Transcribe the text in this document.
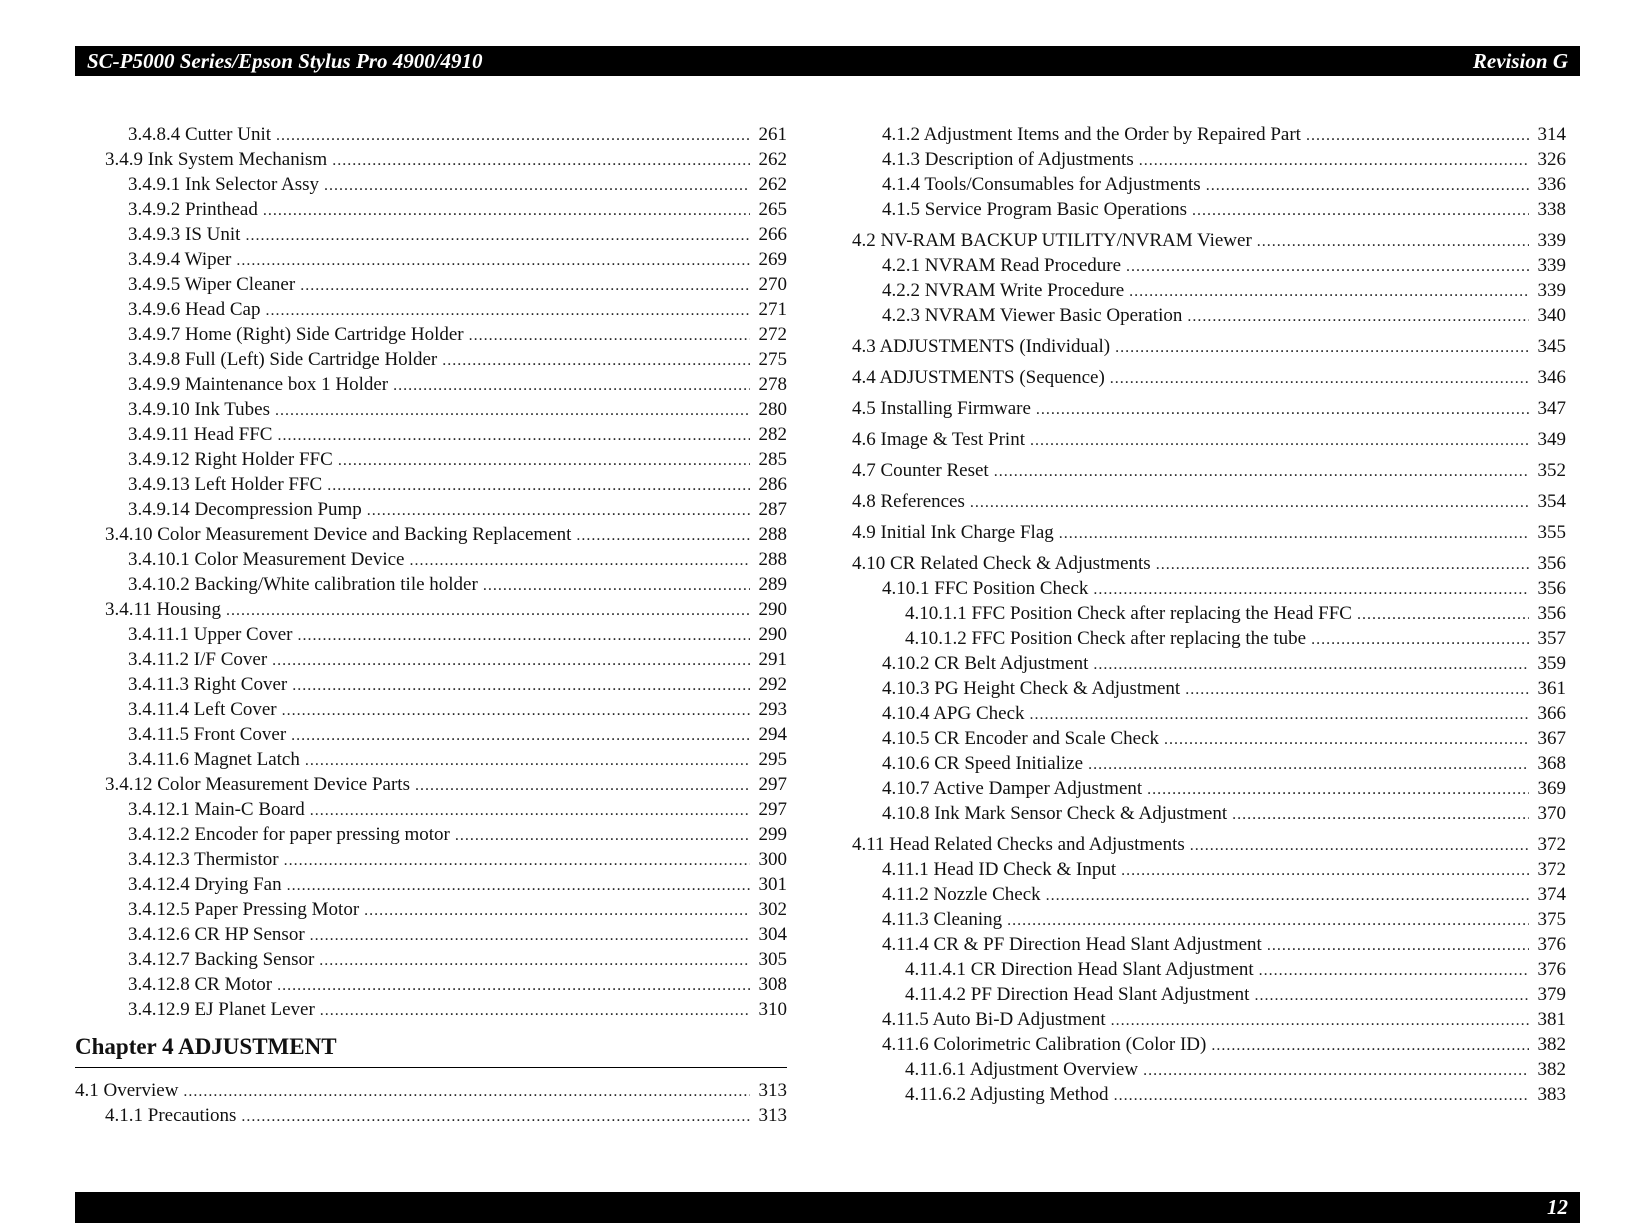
SC-P5000 Series/Epson Stylus Pro 4900/4910	Revision G
3.4.8.4 Cutter Unit .....	261
3.4.9 Ink System Mechanism .....	262
3.4.9.1 Ink Selector Assy .....	262
3.4.9.2 Printhead .....	265
3.4.9.3 IS Unit .....	266
3.4.9.4 Wiper .....	269
3.4.9.5 Wiper Cleaner .....	270
3.4.9.6 Head Cap .....	271
3.4.9.7 Home (Right) Side Cartridge Holder .....	272
3.4.9.8 Full (Left) Side Cartridge Holder .....	275
3.4.9.9 Maintenance box 1 Holder .....	278
3.4.9.10 Ink Tubes .....	280
3.4.9.11 Head FFC .....	282
3.4.9.12 Right Holder FFC .....	285
3.4.9.13 Left Holder FFC .....	286
3.4.9.14 Decompression Pump .....	287
3.4.10 Color Measurement Device and Backing Replacement .....	288
3.4.10.1 Color Measurement Device .....	288
3.4.10.2 Backing/White calibration tile holder .....	289
3.4.11 Housing .....	290
3.4.11.1 Upper Cover .....	290
3.4.11.2 I/F Cover .....	291
3.4.11.3 Right Cover .....	292
3.4.11.4 Left Cover .....	293
3.4.11.5 Front Cover .....	294
3.4.11.6 Magnet Latch .....	295
3.4.12 Color Measurement Device Parts .....	297
3.4.12.1 Main-C Board .....	297
3.4.12.2 Encoder for paper pressing motor .....	299
3.4.12.3 Thermistor .....	300
3.4.12.4 Drying Fan .....	301
3.4.12.5 Paper Pressing Motor .....	302
3.4.12.6 CR HP Sensor .....	304
3.4.12.7 Backing Sensor .....	305
3.4.12.8 CR Motor .....	308
3.4.12.9 EJ Planet Lever .....	310
Chapter 4 ADJUSTMENT
4.1 Overview .....	313
4.1.1 Precautions .....	313
4.1.2 Adjustment Items and the Order by Repaired Part .....	314
4.1.3 Description of Adjustments .....	326
4.1.4 Tools/Consumables for Adjustments .....	336
4.1.5 Service Program Basic Operations .....	338
4.2 NV-RAM BACKUP UTILITY/NVRAM Viewer .....	339
4.2.1 NVRAM Read Procedure .....	339
4.2.2 NVRAM Write Procedure .....	339
4.2.3 NVRAM Viewer Basic Operation .....	340
4.3 ADJUSTMENTS (Individual) .....	345
4.4 ADJUSTMENTS (Sequence) .....	346
4.5 Installing Firmware .....	347
4.6 Image & Test Print .....	349
4.7 Counter Reset .....	352
4.8 References .....	354
4.9 Initial Ink Charge Flag .....	355
4.10 CR Related Check & Adjustments .....	356
4.10.1 FFC Position Check .....	356
4.10.1.1 FFC Position Check after replacing the Head FFC .....	356
4.10.1.2 FFC Position Check after replacing the tube .....	357
4.10.2 CR Belt Adjustment .....	359
4.10.3 PG Height Check & Adjustment .....	361
4.10.4 APG Check .....	366
4.10.5 CR Encoder and Scale Check .....	367
4.10.6 CR Speed Initialize .....	368
4.10.7 Active Damper Adjustment .....	369
4.10.8 Ink Mark Sensor Check & Adjustment .....	370
4.11 Head Related Checks and Adjustments .....	372
4.11.1 Head ID Check & Input .....	372
4.11.2 Nozzle Check .....	374
4.11.3 Cleaning .....	375
4.11.4 CR & PF Direction Head Slant Adjustment .....	376
4.11.4.1 CR Direction Head Slant Adjustment .....	376
4.11.4.2 PF Direction Head Slant Adjustment .....	379
4.11.5 Auto Bi-D Adjustment .....	381
4.11.6 Colorimetric Calibration (Color ID) .....	382
4.11.6.1 Adjustment Overview .....	382
4.11.6.2 Adjusting Method .....	383
12
